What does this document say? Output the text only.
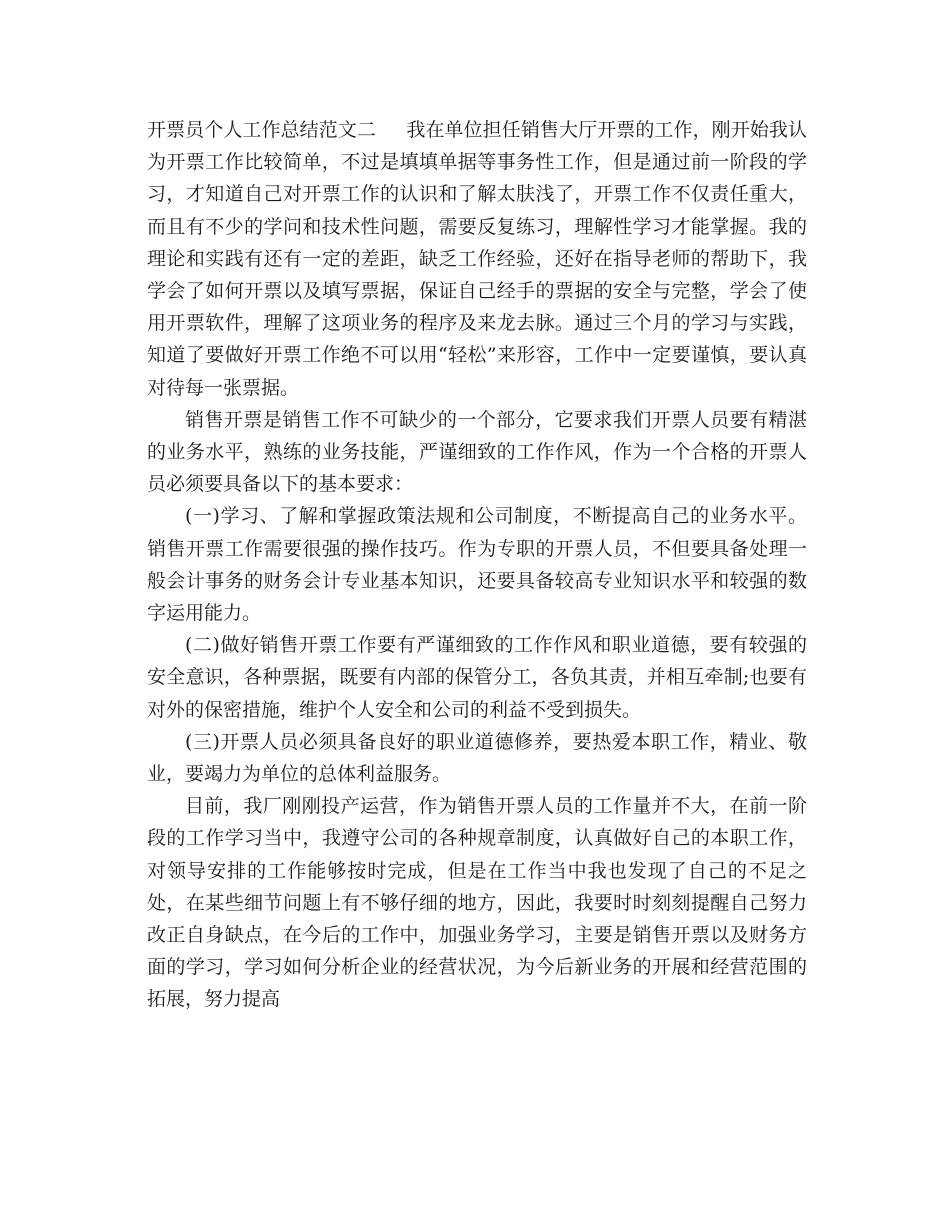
开票员个人工作总结范文二 我在单位担任销售大厅开票的工作，刚开始我认为开票工作比较简单，不过是填填单据等事务性工作，但是通过前一阶段的学习，才知道自己对开票工作的认识和了解太肤浅了，开票工作不仅责任重大，而且有不少的学问和技术性问题，需要反复练习，理解性学习才能掌握。我的理论和实践有还有一定的差距，缺乏工作经验，还好在指导老师的帮助下，我学会了如何开票以及填写票据，保证自己经手的票据的安全与完整，学会了使用开票软件，理解了这项业务的程序及来龙去脉。通过三个月的学习与实践，知道了要做好开票工作绝不可以用“轻松”来形容，工作中一定要谨慎，要认真对待每一张票据。

销售开票是销售工作不可缺少的一个部分，它要求我们开票人员要有精湛的业务水平，熟练的业务技能，严谨细致的工作作风，作为一个合格的开票人员必须要具备以下的基本要求：

(一)学习、了解和掌握政策法规和公司制度，不断提高自己的业务水平。销售开票工作需要很强的操作技巧。作为专职的开票人员，不但要具备处理一般会计事务的财务会计专业基本知识，还要具备较高专业知识水平和较强的数字运用能力。

(二)做好销售开票工作要有严谨细致的工作作风和职业道德，要有较强的安全意识，各种票据，既要有内部的保管分工，各负其责，并相互牵制;也要有对外的保密措施，维护个人安全和公司的利益不受到损失。

(三)开票人员必须具备良好的职业道德修养，要热爱本职工作，精业、敬业，要竭力为单位的总体利益服务。

目前，我厂刚刚投产运营，作为销售开票人员的工作量并不大，在前一阶段的工作学习当中，我遵守公司的各种规章制度，认真做好自己的本职工作，对领导安排的工作能够按时完成，但是在工作当中我也发现了自己的不足之处，在某些细节问题上有不够仔细的地方，因此，我要时时刻刻提醒自己努力改正自身缺点，在今后的工作中，加强业务学习，主要是销售开票以及财务方面的学习，学习如何分析企业的经营状况，为今后新业务的开展和经营范围的拓展，努力提高
